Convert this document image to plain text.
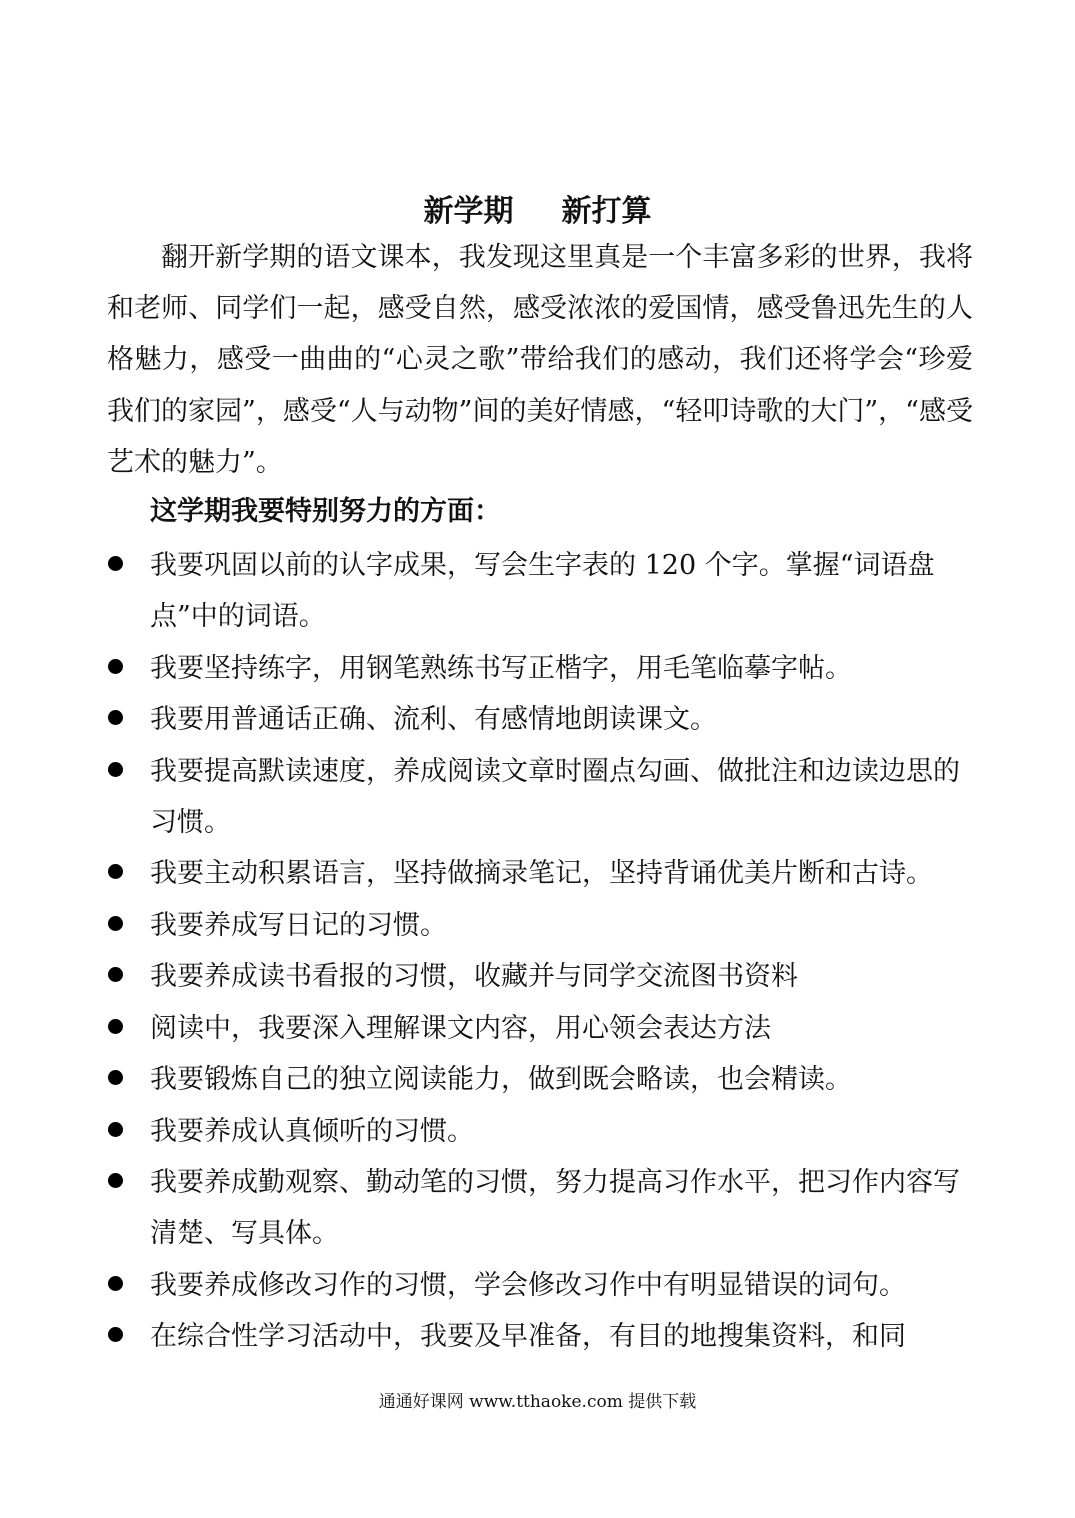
新学期 新打算

翻开新学期的语文课本，我发现这里真是一个丰富多彩的世界，我将和老师、同学们一起，感受自然，感受浓浓的爱国情，感受鲁迅先生的人格魅力，感受一曲曲的“心灵之歌”带给我们的感动，我们还将学会“珍爱我们的家园”，感受“人与动物”间的美好情感，“轻叩诗歌的大门”，“感受艺术的魅力”。

这学期我要特别努力的方面：

我要巩固以前的认字成果，写会生字表的 120 个字。掌握“词语盘点”中的词语。
我要坚持练字，用钢笔熟练书写正楷字，用毛笔临摹字帖。
我要用普通话正确、流利、有感情地朗读课文。
我要提高默读速度，养成阅读文章时圈点勾画、做批注和边读边思的习惯。
我要主动积累语言，坚持做摘录笔记，坚持背诵优美片断和古诗。
我要养成写日记的习惯。
我要养成读书看报的习惯，收藏并与同学交流图书资料
阅读中，我要深入理解课文内容，用心领会表达方法
我要锻炼自己的独立阅读能力，做到既会略读，也会精读。
我要养成认真倾听的习惯。
我要养成勤观察、勤动笔的习惯，努力提高习作水平，把习作内容写清楚、写具体。
我要养成修改习作的习惯，学会修改习作中有明显错误的词句。
在综合性学习活动中，我要及早准备，有目的地搜集资料，和同
通通好课网 www.tthaoke.com 提供下载
